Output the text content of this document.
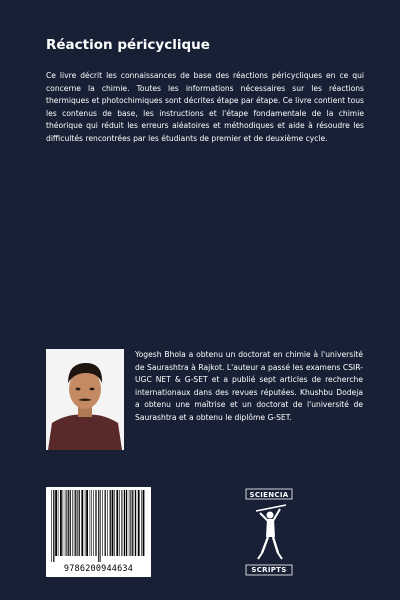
Réaction péricyclique

Ce livre décrit les connaissances de base des réactions péricycliques en ce qui concerne la chimie. Toutes les informations nécessaires sur les réactions thermiques et photochimiques sont décrites étape par étape. Ce livre contient tous les contenus de base, les instructions et l'étape fondamentale de la chimie théorique qui réduit les erreurs aléatoires et méthodiques et aide à résoudre les difficultés rencontrées par les étudiants de premier et de deuxième cycle.

Yogesh Bhola a obtenu un doctorat en chimie à l'université de Saurashtra à Rajkot. L'auteur a passé les examens CSIR- UGC NET & G-SET et a publié sept articles de recherche internationaux dans des revues réputées. Khushbu Dodeja a obtenu une maîtrise et un doctorat de l'université de Saurashtra et a obtenu le diplôme G-SET.

9786200944634
SCIENCIA
SCRIPTS
